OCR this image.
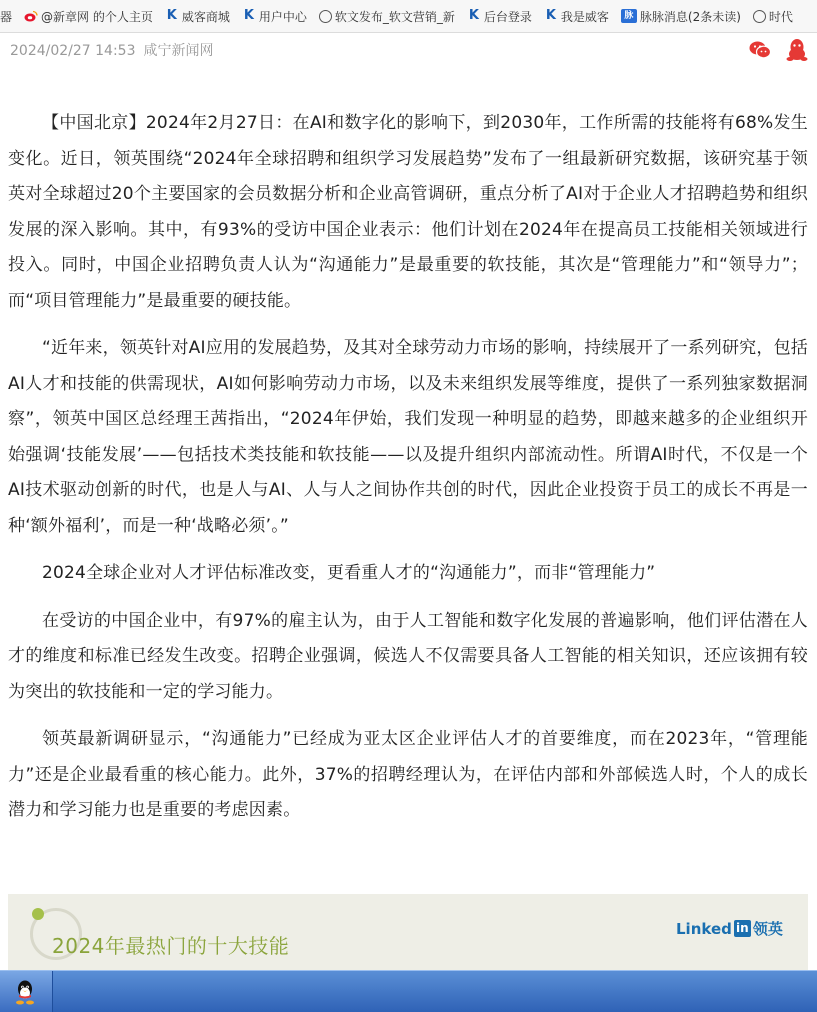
器 @新章网 的个人主页 K 威客商城 K 用户中心 软文发布_软文营销_新 K 后台登录 K 我是威客	脉 脉脉消息(2条未读) 时代
2024/02/27 14:53 咸宁新闻网

【中国北京】2024年2月27日：在AI和数字化的影响下，到2030年，工作所需的技能将有68%发生变化。近日，领英围绕“2024年全球招聘和组织学习发展趋势”发布了一组最新研究数据，该研究基于领英对全球超过20个主要国家的会员数据分析和企业高管调研，重点分析了AI对于企业人才招聘趋势和组织发展的深入影响。其中，有93%的受访中国企业表示：他们计划在2024年在提高员工技能相关领域进行投入。同时，中国企业招聘负责人认为“沟通能力”是最重要的软技能，其次是“管理能力”和“领导力”；而“项目管理能力”是最重要的硬技能。

“近年来，领英针对AI应用的发展趋势，及其对全球劳动力市场的影响，持续展开了一系列研究，包括AI人才和技能的供需现状，AI如何影响劳动力市场，以及未来组织发展等维度，提供了一系列独家数据洞察”，领英中国区总经理王茜指出，“2024年伊始，我们发现一种明显的趋势，即越来越多的企业组织开始强调‘技能发展’——包括技术类技能和软技能——以及提升组织内部流动性。所谓AI时代，不仅是一个AI技术驱动创新的时代，也是人与AI、人与人之间协作共创的时代，因此企业投资于员工的成长不再是一种‘额外福利’，而是一种‘战略必须’。”

2024全球企业对人才评估标准改变，更看重人才的“沟通能力”，而非“管理能力”

在受访的中国企业中，有97%的雇主认为，由于人工智能和数字化发展的普遍影响，他们评估潜在人才的维度和标准已经发生改变。招聘企业强调，候选人不仅需要具备人工智能的相关知识，还应该拥有较为突出的软技能和一定的学习能力。

领英最新调研显示，“沟通能力”已经成为亚太区企业评估人才的首要维度，而在2023年，“管理能力”还是企业最看重的核心能力。此外，37%的招聘经理认为，在评估内部和外部候选人时，个人的成长潜力和学习能力也是重要的考虑因素。

2024年最热门的十大技能
Linked in 领英
